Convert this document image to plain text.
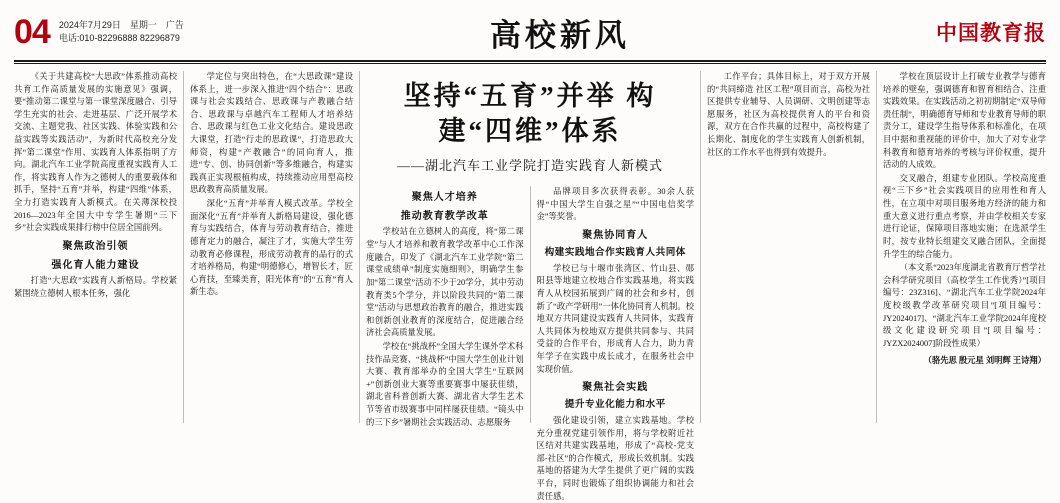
04 2024年7月29日　星期一　广告
电话:010-82296888 82296879	高校新风	中国教育报

《关于共建高校“大思政”体系推动高校共育工作高质量发展的实施意见》强调，要“推动第二课堂与第一课堂深度融合、引导学生充实的社会、走进基层、广泛开展学术交流、主题党我、社区实践、体验实践和公益实践等实践活动”，为新时代高校充分发挥“第二课堂”作用、实践育人体系指明了方向。湖北汽车工业学院高度重视实践育人工作，将实践育人作为之德树人的重要载体和抓手，坚持“五育”并举，构建“四维”体系，全力打造实践育人新模式。在关薄深校投2016—2023年全国大中专学生暑期“三下乡”社会实践成果排行榜中位居全国前列。

聚焦政治引领
强化育人能力建设

打造“大思政”实践育人新格局。学校紧紧围绕立德树人根本任务，强化

学定位与突出特色，在“大思政课”建设体系上，进一步深入推进“四个结合”：思政课与社会实践结合、思政课与产教融合结合、思政课与卓越汽车工程师人才培养结合、思政课与红色工业文化结合。建设思政大课堂，打造“行走的思政课”，打造思政大师资，构建“产教融合”的同向育人，推进“专、创、协同创新”等多维融合，构建实践真正实现根植构成，持续推动应用型高校思政教育高质量发展。

深化“五育”并举育人模式改革。学校全面深化“五育”并举育人新格局建设，强化德育与实践结合，体育与劳动教育结合，推进德育定力的融合，凝注了才，实施大学生劳动教育必修课程，形成劳动教育的品行的式才培养格局，构建“明德修心，增智长才，匠心育技，至臻美育，阳光体育”的“五育”育人新生态。

坚持“五育”并举 构建“四维”体系
——湖北汽车工业学院打造实践育人新模式
聚焦人才培养
推动教育教学改革

学校站在立德树人的高度，将“第二课堂”与人才培养和教育教学改革中心工作深度融合，印发了《湖北汽车工业学院“第二课堂成绩单”制度实施细则》，明确学生参加“第二课堂”活动不少于20学分，其中劳动教育类5个学分，并以阶段共同的“第二课堂”活动与思想政治教育的融合，推进实践和创新创业教育的深度结合，促进融合经济社会高质量发展。

学校在“挑战杯”全国大学生课外学术科技作品竞赛、“挑战杯”中国大学生创业计划大赛、教育部举办的全国大学生“互联网+”创新创业大赛等重要赛事中屡获佳绩，湖北省科普创新大赛、湖北省大学生艺术节等省市级赛事中同样屡获佳绩。“镜头中的三下乡”暑期社会实践活动、志愿服务

品牌项目多次获得表彰。30余人获得“中国大学生自强之星”“中国电信奖学金”等奖誉。

聚焦协同育人
构建实践地合作实践育人共同体

学校已与十堰市张湾区、竹山县、郧阳县等地建立校地合作实践基地，将实践育人从校园拓展到广阔的社会和乡村，创新了“政产学研用”一体化协同育人机制。校地双方共同建设实践育人共同体，实践育人共同体为校地双方提供共同参与、共同受益的合作平台，形成育人合力，助力青年学子在实践中成长成才，在服务社会中实现价值。

聚焦社会实践
提升专业化能力和水平

强化建设引领，建立实践基地。学校充分重视党建引领作用，将与学校附近社区结对共建实践基地，形成了“高校-党支部-社区”的合作模式，形成长效机制。实践基地的搭建为大学生提供了更广阔的实践平台，同时也锻炼了组织协调能力和社会责任感。

工作平台；具体目标上，对于双方开展的“共同缔造 社区工程”项目而言，高校为社区提供专业辅导、人员调研、文明创建等志愿服务，社区为高校提供育人的平台和资源，双方在合作共赢的过程中，高校构建了长期化、制度化的学生实践育人创新机制，社区的工作水平也得到有效提升。

学校在顶层设计上打破专业教学与德育培养的壁垒，强调德育和智育相结合、注重实践效果。在实践活动之初初期制定“双导师责任制”，明确德育导师和专业教育导师的职责分工，建设学生指导体系和标准化，在项目中据和重视能的评价中，加大了对专业学科教育和德育培养的考核与评价权重，提升活动的人成效。

交叉融合，组建专业团队。学校高度重视“三下乡”社会实践项目的应用性和育人性，在立项中对项目服务地方经济的能力和重大意义进行重点考察，并由学校相关专家进行论证，保障项目落地实施；在选派学生时，按专业特长组建交叉融合团队，全面提升学生的综合能力。

（本文系“2023年度湖北省教育厅哲学社会科学研究项目（高校学生工作优秀）”[项目编号：23Z316]、“湖北汽车工业学院2024年度校级教学改革研究项目”[项目编号：JY2024017]、“湖北汽车工业学院2024年度校级文化建设研究项目”[项目编号：JYZX2024007]阶段性成果）

（骆先思 殷元星 刘明辉 王诗翔）
